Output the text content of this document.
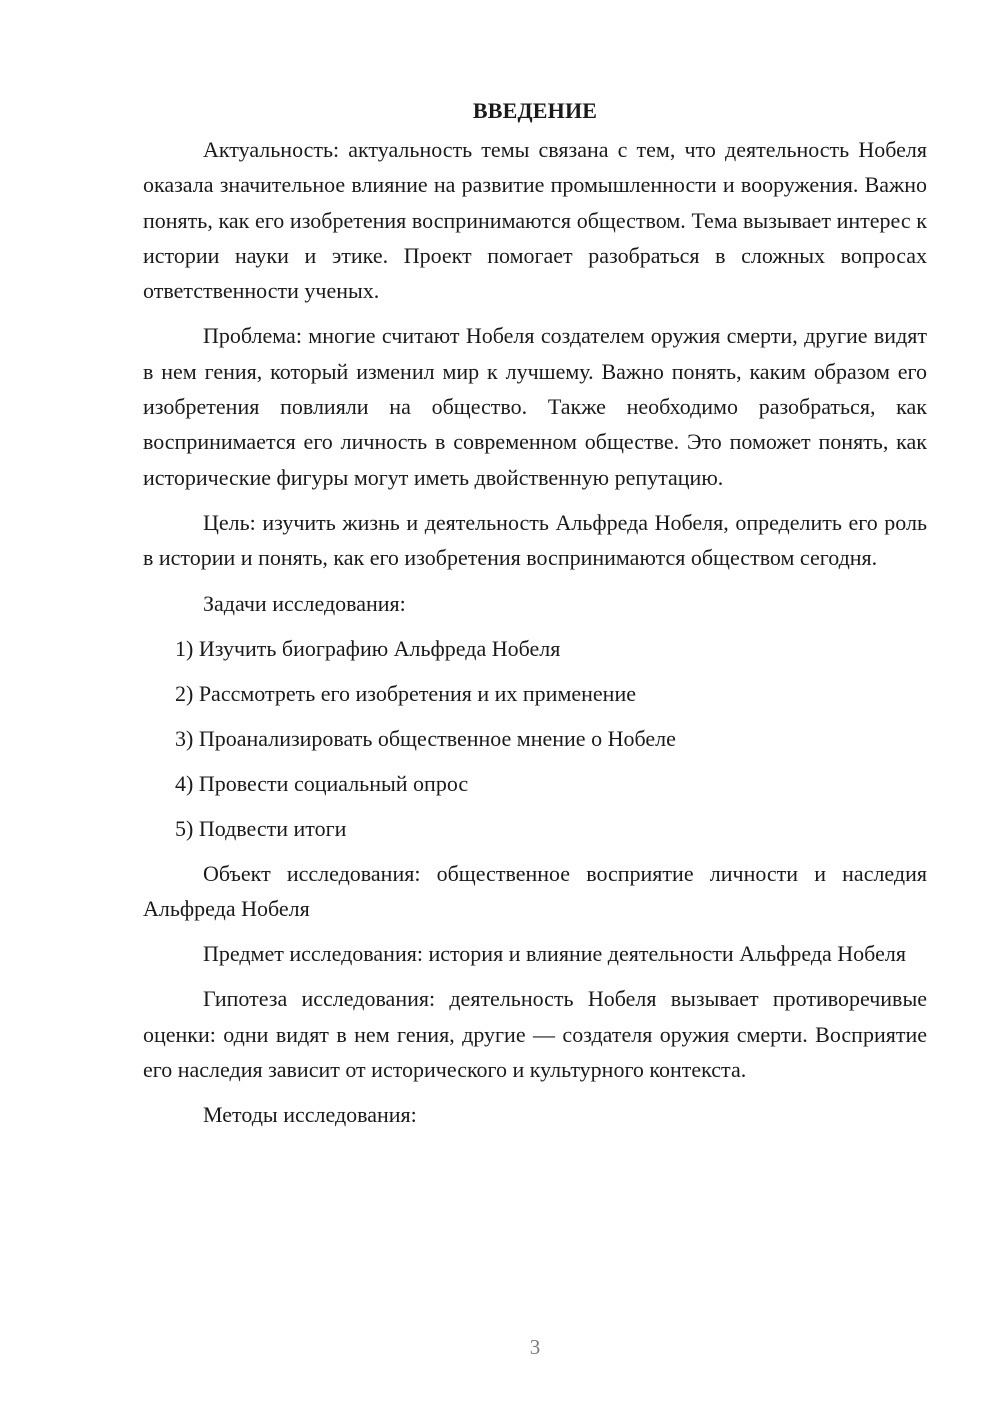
ВВЕДЕНИЕ

Актуальность: актуальность темы связана с тем, что деятельность Нобеля оказала значительное влияние на развитие промышленности и вооружения. Важно понять, как его изобретения воспринимаются обществом. Тема вызывает интерес к истории науки и этике. Проект помогает разобраться в сложных вопросах ответственности ученых.

Проблема: многие считают Нобеля создателем оружия смерти, другие видят в нем гения, который изменил мир к лучшему. Важно понять, каким образом его изобретения повлияли на общество. Также необходимо разобраться, как воспринимается его личность в современном обществе. Это поможет понять, как исторические фигуры могут иметь двойственную репутацию.

Цель: изучить жизнь и деятельность Альфреда Нобеля, определить его роль в истории и понять, как его изобретения воспринимаются обществом сегодня.

Задачи исследования:

1) Изучить биографию Альфреда Нобеля
2) Рассмотреть его изобретения и их применение
3) Проанализировать общественное мнение о Нобеле
4) Провести социальный опрос
5) Подвести итоги

Объект исследования: общественное восприятие личности и наследия Альфреда Нобеля

Предмет исследования: история и влияние деятельности Альфреда Нобеля

Гипотеза исследования: деятельность Нобеля вызывает противоречивые оценки: одни видят в нем гения, другие — создателя оружия смерти. Восприятие его наследия зависит от исторического и культурного контекста.

Методы исследования:

3
